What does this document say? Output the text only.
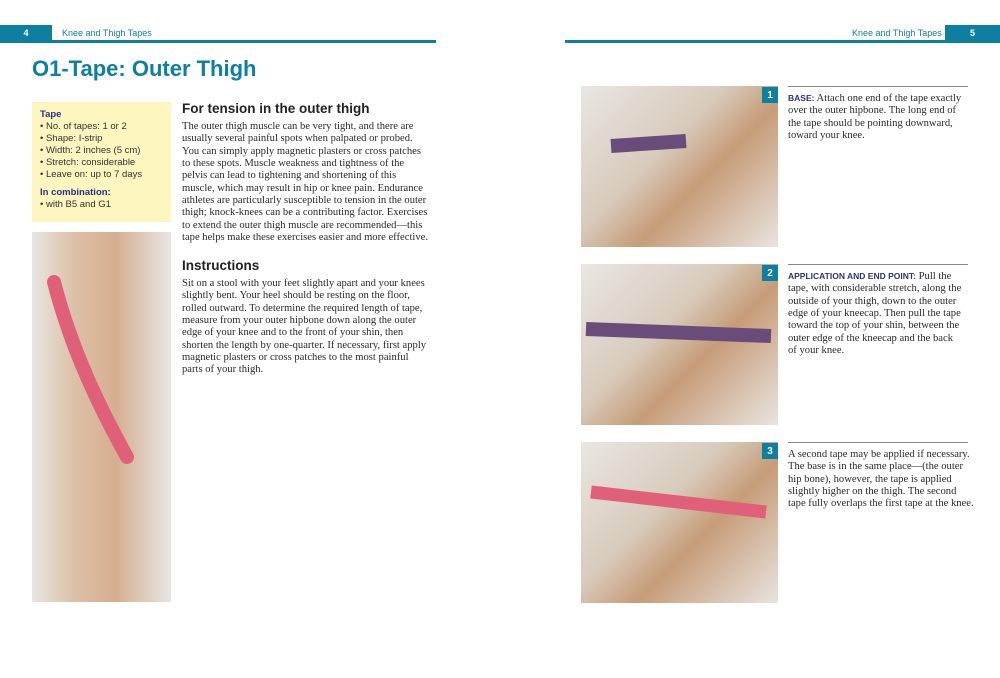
4	Knee and Thigh Tapes
O1-Tape: Outer Thigh
Tape
• No. of tapes: 1 or 2
• Shape: I-strip
• Width: 2 inches (5 cm)
• Stretch: considerable
• Leave on: up to 7 days
In combination:
• with B5 and G1
For tension in the outer thigh
The outer thigh muscle can be very tight, and there are
usually several painful spots when palpated or probed.
You can simply apply magnetic plasters or cross patches
to these spots. Muscle weakness and tightness of the
pelvis can lead to tightening and shortening of this
muscle, which may result in hip or knee pain. Endurance
athletes are particularly susceptible to tension in the outer
thigh; knock-knees can be a contributing factor. Exercises
to extend the outer thigh muscle are recommended—this
tape helps make these exercises easier and more effective.
Instructions
Sit on a stool with your feet slightly apart and your knees
slightly bent. Your heel should be resting on the floor,
rolled outward. To determine the required length of tape,
measure from your outer hipbone down along the outer
edge of your knee and to the front of your shin, then
shorten the length by one-quarter. If necessary, first apply
magnetic plasters or cross patches to the most painful
parts of your thigh.
Knee and Thigh Tapes	5
1	BASE: Attach one end of the tape exactly
over the outer hipbone. The long end of
the tape should be pointing downward,
toward your knee.
2	APPLICATION AND END POINT: Pull the
tape, with considerable stretch, along the
outside of your thigh, down to the outer
edge of your kneecap. Then pull the tape
toward the top of your shin, between the
outer edge of the kneecap and the back
of your knee.
3	A second tape may be applied if necessary.
The base is in the same place—(the outer
hip bone), however, the tape is applied
slightly higher on the thigh. The second
tape fully overlaps the first tape at the knee.
